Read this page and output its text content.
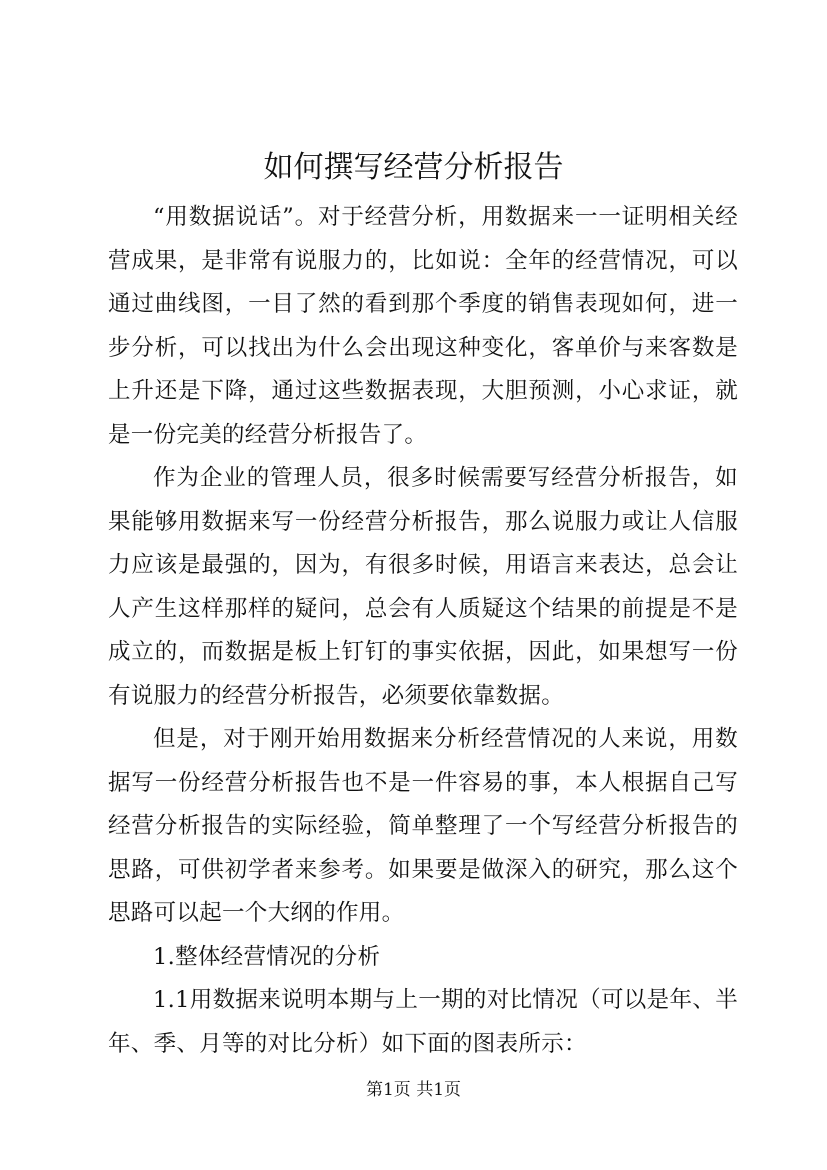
如何撰写经营分析报告

“用数据说话”。对于经营分析，用数据来一一证明相关经营成果，是非常有说服力的，比如说：全年的经营情况，可以通过曲线图，一目了然的看到那个季度的销售表现如何，进一步分析，可以找出为什么会出现这种变化，客单价与来客数是上升还是下降，通过这些数据表现，大胆预测，小心求证，就是一份完美的经营分析报告了。

作为企业的管理人员，很多时候需要写经营分析报告，如果能够用数据来写一份经营分析报告，那么说服力或让人信服力应该是最强的，因为，有很多时候，用语言来表达，总会让人产生这样那样的疑问，总会有人质疑这个结果的前提是不是成立的，而数据是板上钉钉的事实依据，因此，如果想写一份有说服力的经营分析报告，必须要依靠数据。

但是，对于刚开始用数据来分析经营情况的人来说，用数据写一份经营分析报告也不是一件容易的事，本人根据自己写经营分析报告的实际经验，简单整理了一个写经营分析报告的思路，可供初学者来参考。如果要是做深入的研究，那么这个思路可以起一个大纲的作用。

1.整体经营情况的分析

1.1用数据来说明本期与上一期的对比情况（可以是年、半年、季、月等的对比分析）如下面的图表所示：

第1页 共1页
